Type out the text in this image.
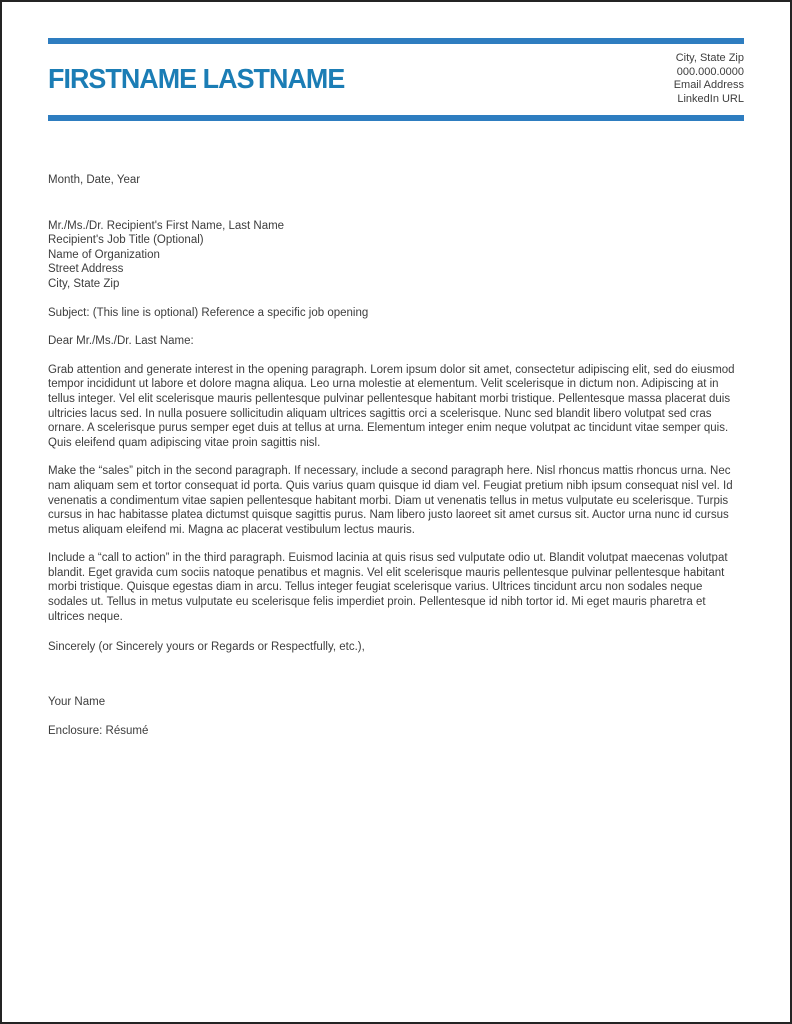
FIRSTNAME LASTNAME
City, State Zip
000.000.0000
Email Address
LinkedIn URL
Month, Date, Year
Mr./Ms./Dr. Recipient's First Name, Last Name
Recipient's Job Title (Optional)
Name of Organization
Street Address
City, State Zip
Subject: (This line is optional) Reference a specific job opening
Dear Mr./Ms./Dr. Last Name:
Grab attention and generate interest in the opening paragraph. Lorem ipsum dolor sit amet, consectetur adipiscing elit, sed do eiusmod tempor incididunt ut labore et dolore magna aliqua. Leo urna molestie at elementum. Velit scelerisque in dictum non. Adipiscing at in tellus integer. Vel elit scelerisque mauris pellentesque pulvinar pellentesque habitant morbi tristique. Pellentesque massa placerat duis ultricies lacus sed. In nulla posuere sollicitudin aliquam ultrices sagittis orci a scelerisque. Nunc sed blandit libero volutpat sed cras ornare. A scelerisque purus semper eget duis at tellus at urna. Elementum integer enim neque volutpat ac tincidunt vitae semper quis. Quis eleifend quam adipiscing vitae proin sagittis nisl.
Make the “sales” pitch in the second paragraph. If necessary, include a second paragraph here. Nisl rhoncus mattis rhoncus urna. Nec nam aliquam sem et tortor consequat id porta. Quis varius quam quisque id diam vel. Feugiat pretium nibh ipsum consequat nisl vel. Id venenatis a condimentum vitae sapien pellentesque habitant morbi. Diam ut venenatis tellus in metus vulputate eu scelerisque. Turpis cursus in hac habitasse platea dictumst quisque sagittis purus. Nam libero justo laoreet sit amet cursus sit. Auctor urna nunc id cursus metus aliquam eleifend mi. Magna ac placerat vestibulum lectus mauris.
Include a “call to action” in the third paragraph. Euismod lacinia at quis risus sed vulputate odio ut. Blandit volutpat maecenas volutpat blandit. Eget gravida cum sociis natoque penatibus et magnis. Vel elit scelerisque mauris pellentesque pulvinar pellentesque habitant morbi tristique. Quisque egestas diam in arcu. Tellus integer feugiat scelerisque varius. Ultrices tincidunt arcu non sodales neque sodales ut. Tellus in metus vulputate eu scelerisque felis imperdiet proin. Pellentesque id nibh tortor id. Mi eget mauris pharetra et ultrices neque.
Sincerely (or Sincerely yours or Regards or Respectfully, etc.),
Your Name
Enclosure: Résumé
